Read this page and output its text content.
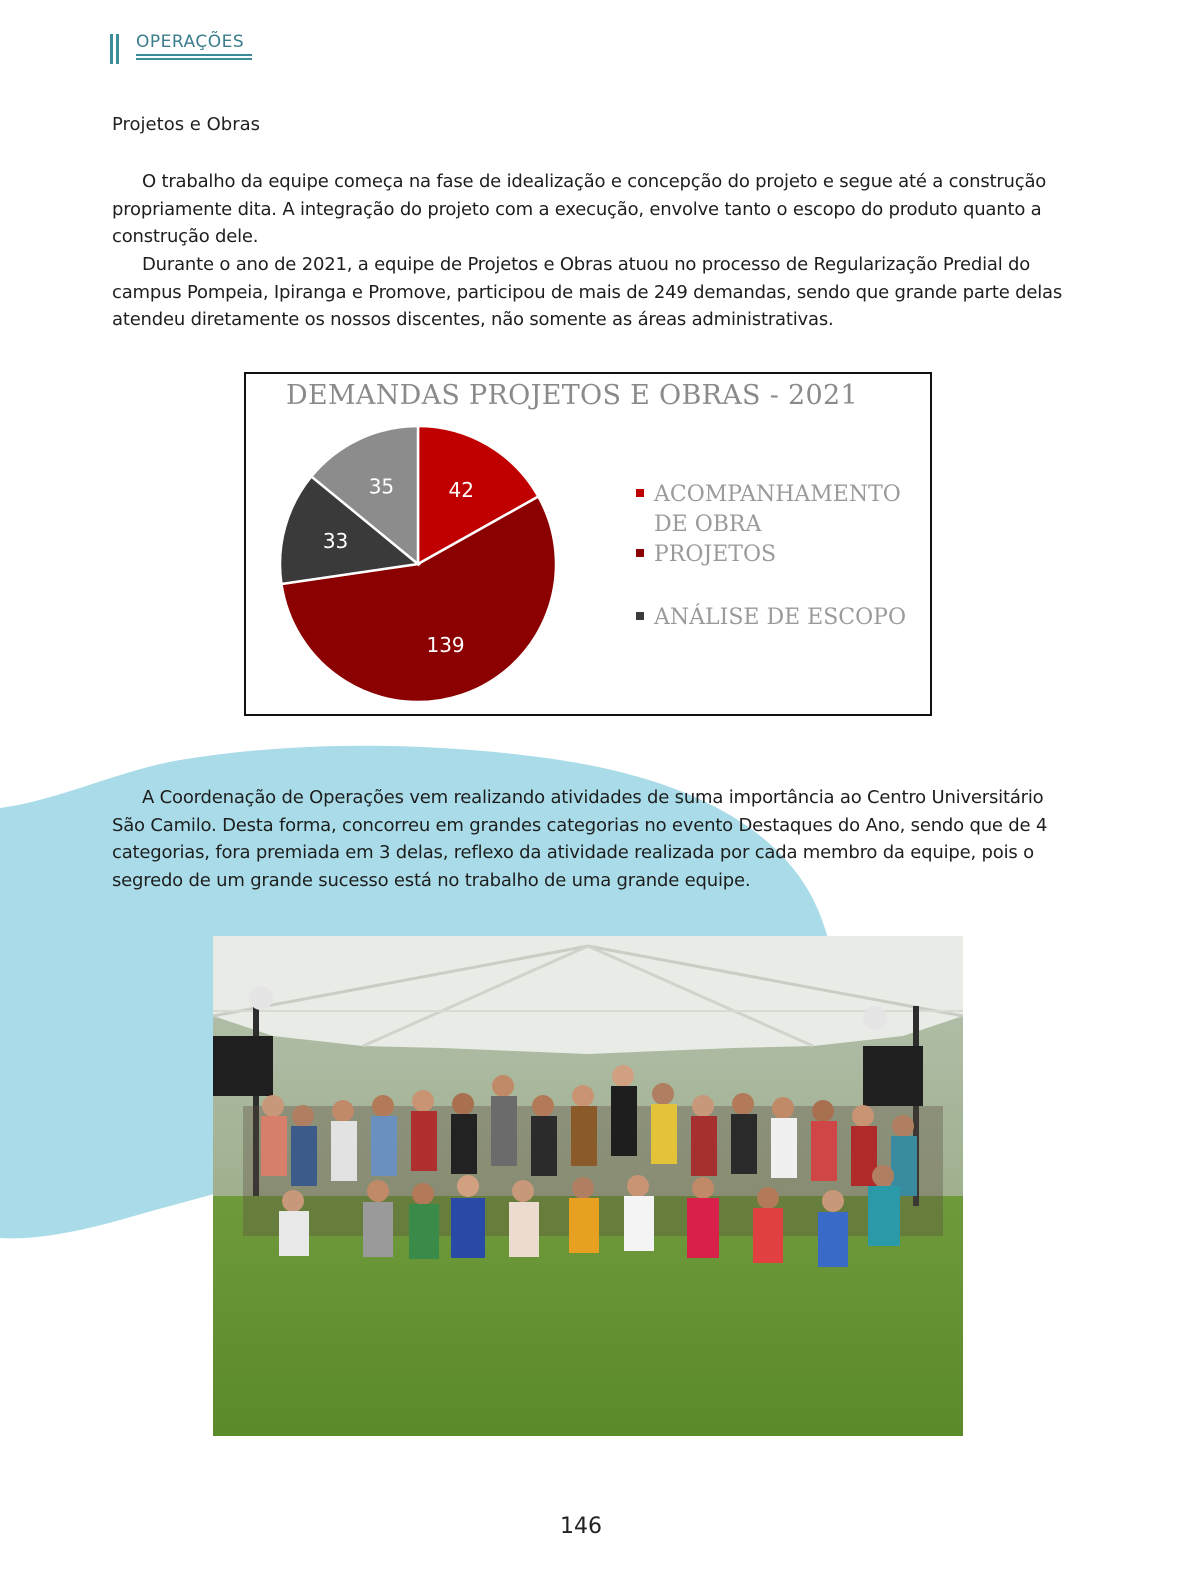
OPERAÇÕES
Projetos e Obras

O trabalho da equipe começa na fase de idealização e concepção do projeto e segue até a construção propriamente dita. A integração do projeto com a execução, envolve tanto o escopo do produto quanto a construção dele.

Durante o ano de 2021, a equipe de Projetos e Obras atuou no processo de Regularização Predial do campus Pompeia, Ipiranga e Promove, participou de mais de 249 demandas, sendo que grande parte delas atendeu diretamente os nossos discentes, não somente as áreas administrativas.

DEMANDAS PROJETOS E OBRAS - 2021
42
139
33
35	ACOMPANHAMENTO
DE OBRA
PROJETOS
ANÁLISE DE ESCOPO

A Coordenação de Operações vem realizando atividades de suma importância ao Centro Universitário São Camilo. Desta forma, concorreu em grandes categorias no evento Destaques do Ano, sendo que de 4 categorias, fora premiada em 3 delas, reflexo da atividade realizada por cada membro da equipe, pois o segredo de um grande sucesso está no trabalho de uma grande equipe.

146
